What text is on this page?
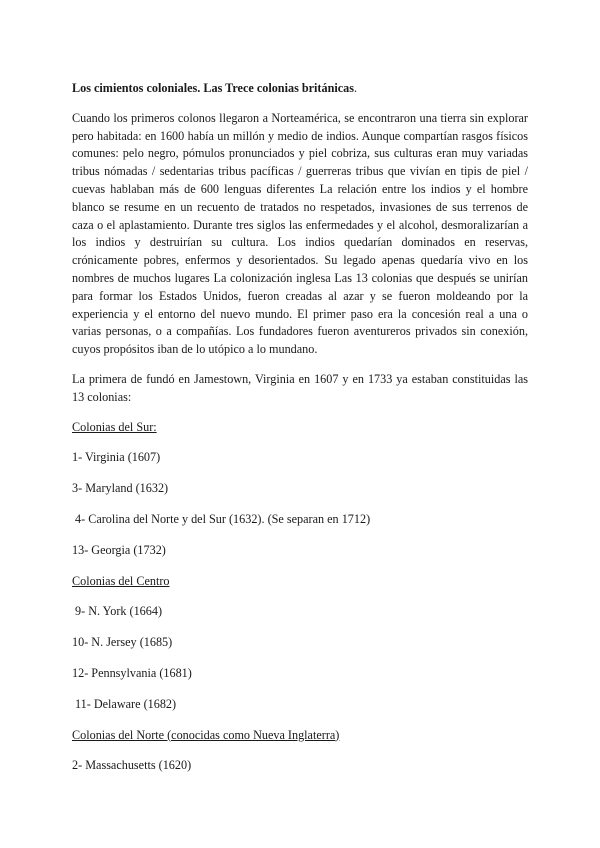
Los cimientos coloniales. Las Trece colonias británicas.

Cuando los primeros colonos llegaron a Norteamérica, se encontraron una tierra sin explorar pero habitada: en 1600 había un millón y medio de indios. Aunque compartían rasgos físicos comunes: pelo negro, pómulos pronunciados y piel cobriza, sus culturas eran muy variadas tribus nómadas / sedentarias tribus pacíficas / guerreras tribus que vivían en tipis de piel / cuevas hablaban más de 600 lenguas diferentes La relación entre los indios y el hombre blanco se resume en un recuento de tratados no respetados, invasiones de sus terrenos de caza o el aplastamiento. Durante tres siglos las enfermedades y el alcohol, desmoralizarían a los indios y destruirían su cultura. Los indios quedarían dominados en reservas, crónicamente pobres, enfermos y desorientados. Su legado apenas quedaría vivo en los nombres de muchos lugares La colonización inglesa Las 13 colonias que después se unirían para formar los Estados Unidos, fueron creadas al azar y se fueron moldeando por la experiencia y el entorno del nuevo mundo. El primer paso era la concesión real a una o varias personas, o a compañías. Los fundadores fueron aventureros privados sin conexión, cuyos propósitos iban de lo utópico a lo mundano.

La primera de fundó en Jamestown, Virginia en 1607 y en 1733 ya estaban constituidas las 13 colonias:

Colonias del Sur:

1- Virginia (1607)

3- Maryland (1632)

4- Carolina del Norte y del Sur (1632). (Se separan en 1712)

13- Georgia (1732)

Colonias del Centro

9- N. York (1664)

10- N. Jersey (1685)

12- Pennsylvania (1681)

11- Delaware (1682)

Colonias del Norte (conocidas como Nueva Inglaterra)

2- Massachusetts (1620)
